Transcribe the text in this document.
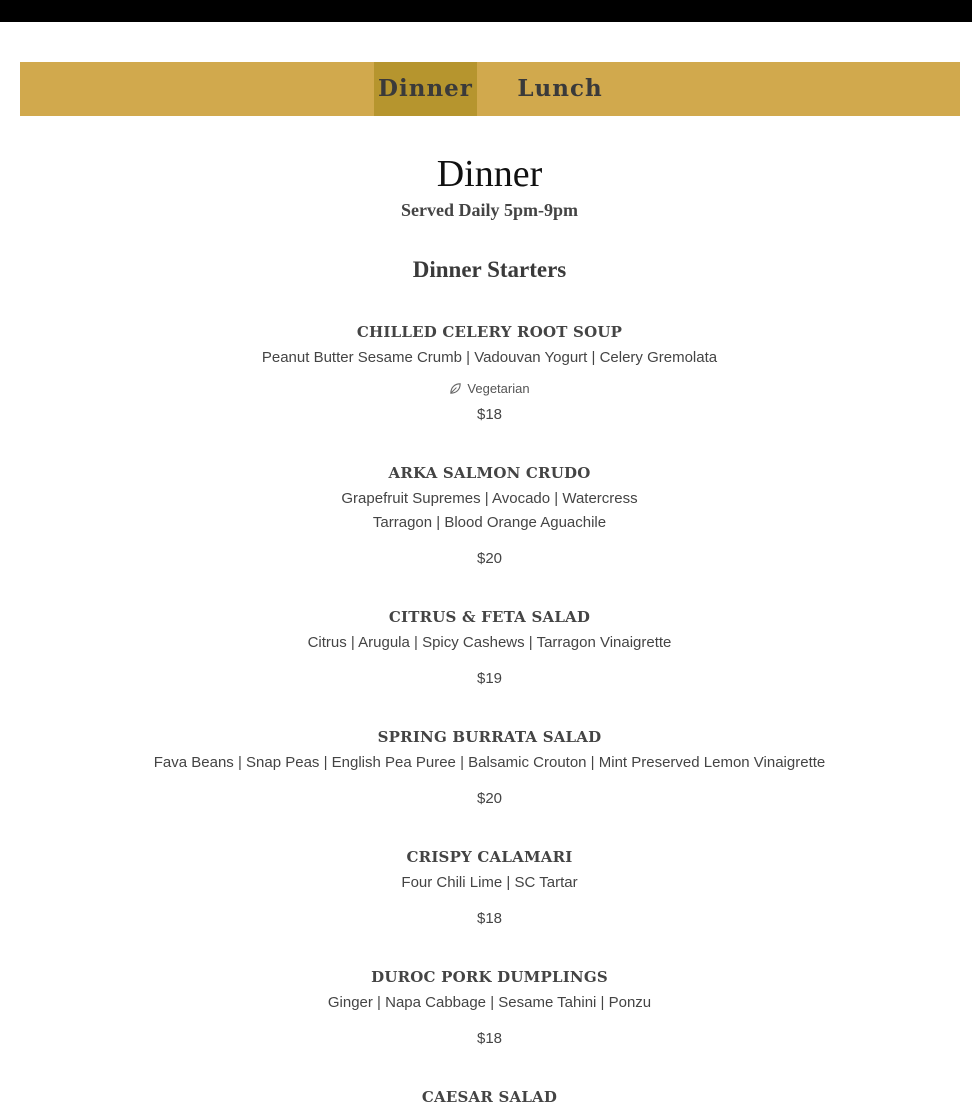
Dinner	Lunch
Dinner
Served Daily 5pm-9pm
Dinner Starters
CHILLED CELERY ROOT SOUP
Peanut Butter Sesame Crumb | Vadouvan Yogurt | Celery Gremolata
Vegetarian
$18
ARKA SALMON CRUDO
Grapefruit Supremes | Avocado | Watercress
Tarragon | Blood Orange Aguachile
$20
CITRUS & FETA SALAD
Citrus | Arugula | Spicy Cashews | Tarragon Vinaigrette
$19
SPRING BURRATA SALAD
Fava Beans | Snap Peas | English Pea Puree | Balsamic Crouton | Mint Preserved Lemon Vinaigrette
$20
CRISPY CALAMARI
Four Chili Lime | SC Tartar
$18
DUROC PORK DUMPLINGS
Ginger | Napa Cabbage | Sesame Tahini | Ponzu
$18
CAESAR SALAD
